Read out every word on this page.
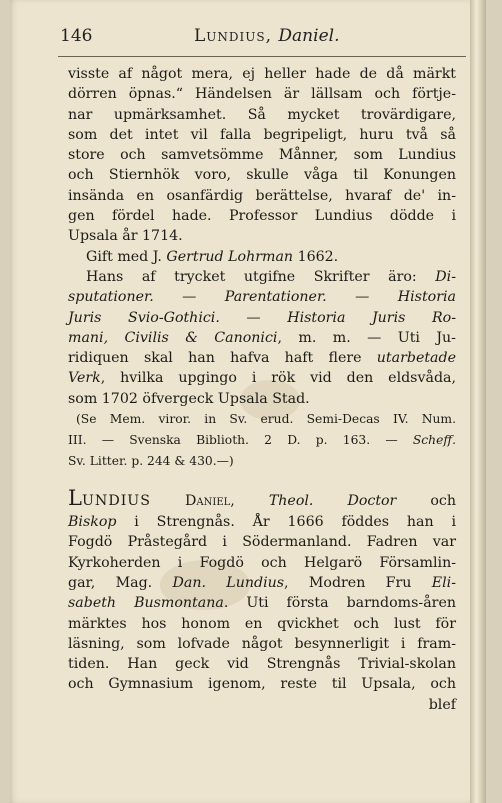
146	Lundius, Daniel.
visste af något mera, ej heller hade de då märkt
dörren öpnas.“ Händelsen är lällsam och förtje-
nar upmärksamhet. Så mycket trovärdigare,
som det intet vil falla begripeligt, huru två så
store och samvetsömme Månner, som Lundius
och Stiernhök voro, skulle våga til Konungen
insända en osanfärdig berättelse, hvaraf de' in-
gen fördel hade. Professor Lundius dödde i
Upsala år 1714.
Gift med J. Gertrud Lohrman 1662.
Hans af trycket utgifne Skrifter äro: Di-
sputationer. — Parentationer. — Historia
Juris Svio-Gothici. — Historia Juris Ro-
mani, Civilis & Canonici, m. m. — Uti Ju-
ridiquen skal han hafva haft flere utarbetade
Verk, hvilka upgingo i rök vid den eldsvåda,
som 1702 öfvergeck Upsala Stad.
(Se Mem. viror. in Sv. erud. Semi-Decas IV. Num.
III. — Svenska Biblioth. 2 D. p. 163. — Scheff.
Sv. Litter. p. 244 & 430.—)
LUNDIUS Daniel, Theol. Doctor och
Biskop i Strengnås. År 1666 föddes han i
Fogdö Pråstegård i Södermanland. Fadren var
Kyrkoherden i Fogdö och Helgarö Församlin-
gar, Mag. Dan. Lundius, Modren Fru Eli-
sabeth Busmontana. Uti första barndoms-åren
märktes hos honom en qvickhet och lust för
läsning, som lofvade något besynnerligit i fram-
tiden. Han geck vid Strengnås Trivial-skolan
och Gymnasium igenom, reste til Upsala, och
blef
